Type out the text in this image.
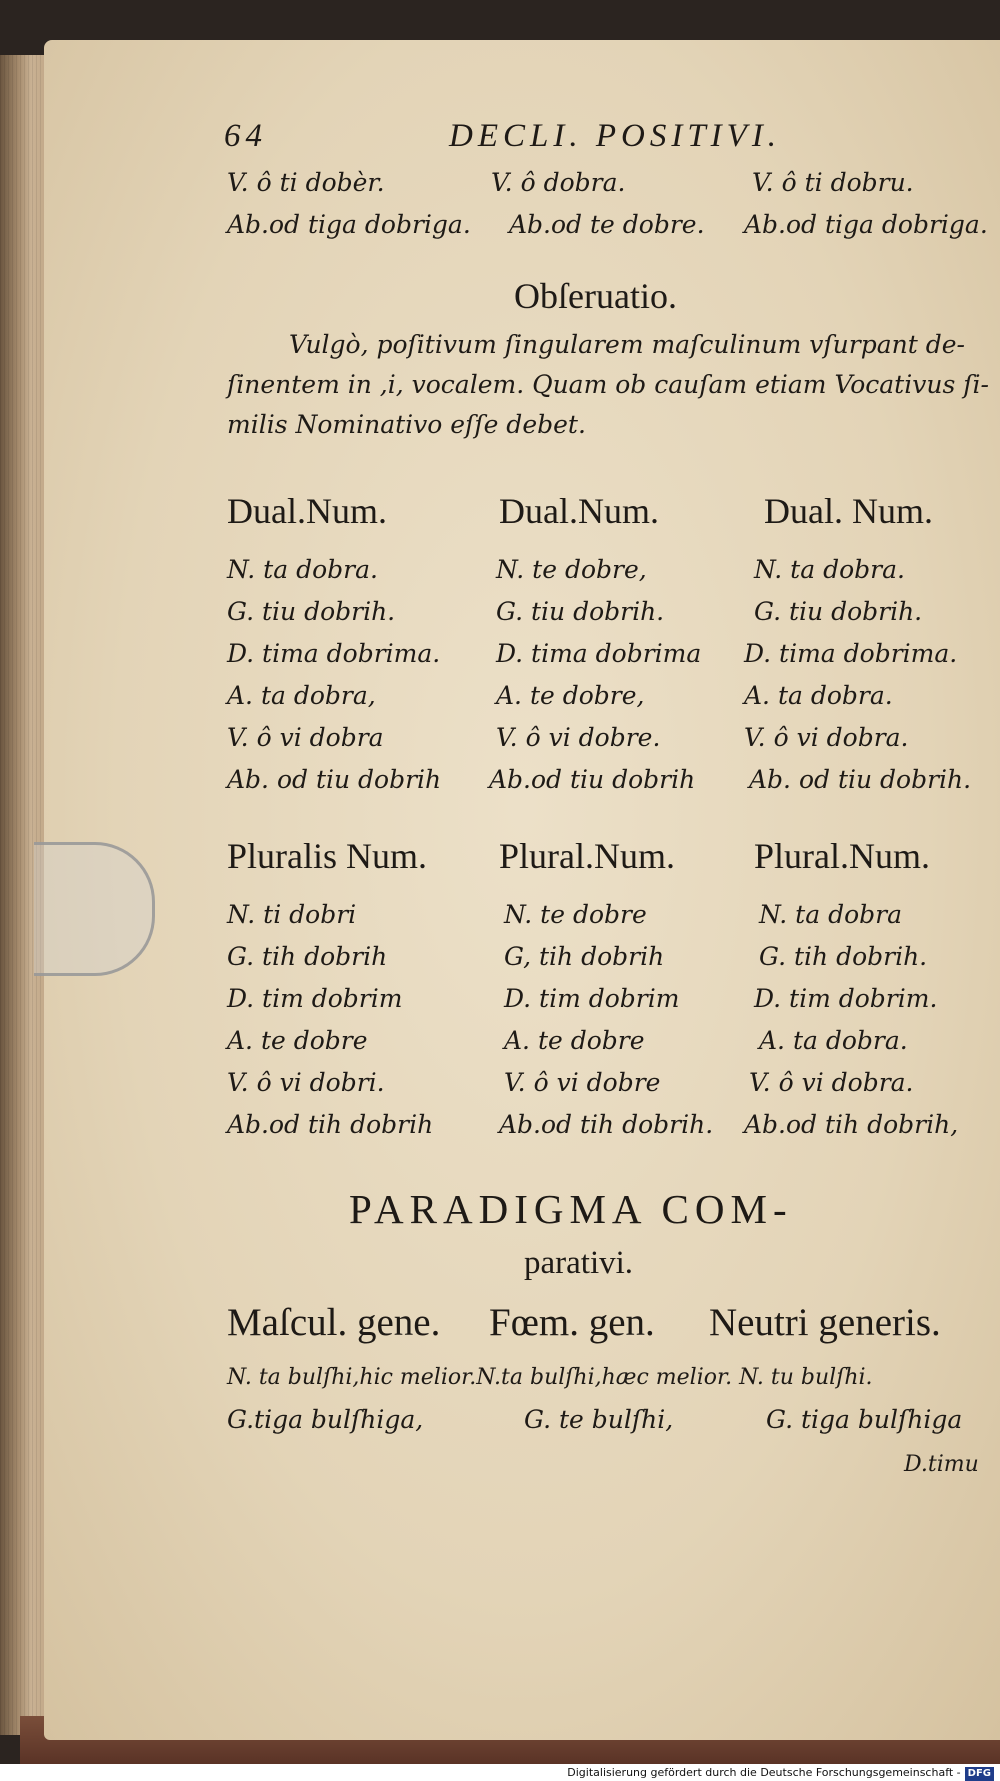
64	DECLI. POSITIVI.
V. ô ti dobèr.	V. ô dobra.	V. ô ti dobru.
Ab.od tiga dobriga. Ab.od te dobre. Ab.od tiga dobriga.
Obſeruatio.
Vulgò, poſitivum ſingularem maſculinum vſurpant de-
ſinentem in ,i, vocalem. Quam ob cauſam etiam Vocativus ſi-
milis Nominativo eſſe debet.
Dual.Num.	Dual.Num.	Dual. Num.
N. ta dobra.	N. te dobre,	N. ta dobra.
G. tiu dobrih.	G. tiu dobrih.	G. tiu dobrih.
D. tima dobrima. D. tima dobrima D. tima dobrima.
A. ta dobra,	A. te dobre,	A. ta dobra.
V. ô vi dobra	V. ô vi dobre.	V. ô vi dobra.
Ab. od tiu dobrih Ab.od tiu dobrih Ab. od tiu dobrih.
Pluralis Num. Plural.Num. Plural.Num.
N. ti dobri	N. te dobre	N. ta dobra
G. tih dobrih	G, tih dobrih	G. tih dobrih.
D. tim dobrim	D. tim dobrim	D. tim dobrim.
A. te dobre	A. te dobre	A. ta dobra.
V. ô vi dobri.	V. ô vi dobre	V. ô vi dobra.
Ab.od tih dobrih	Ab.od tih dobrih. Ab.od tih dobrih,
PARADIGMA COM-
parativi.
Maſcul. gene. Fœm. gen. Neutri generis.
N. ta bulſhi,hic melior.N.ta bulſhi,hæc melior. N. tu bulſhi.
G.tiga bulſhiga,	G. te bulſhi,	G. tiga bulſhiga
D.timu
Digitalisierung gefördert durch die Deutsche Forschungsgemeinschaft - DFG
